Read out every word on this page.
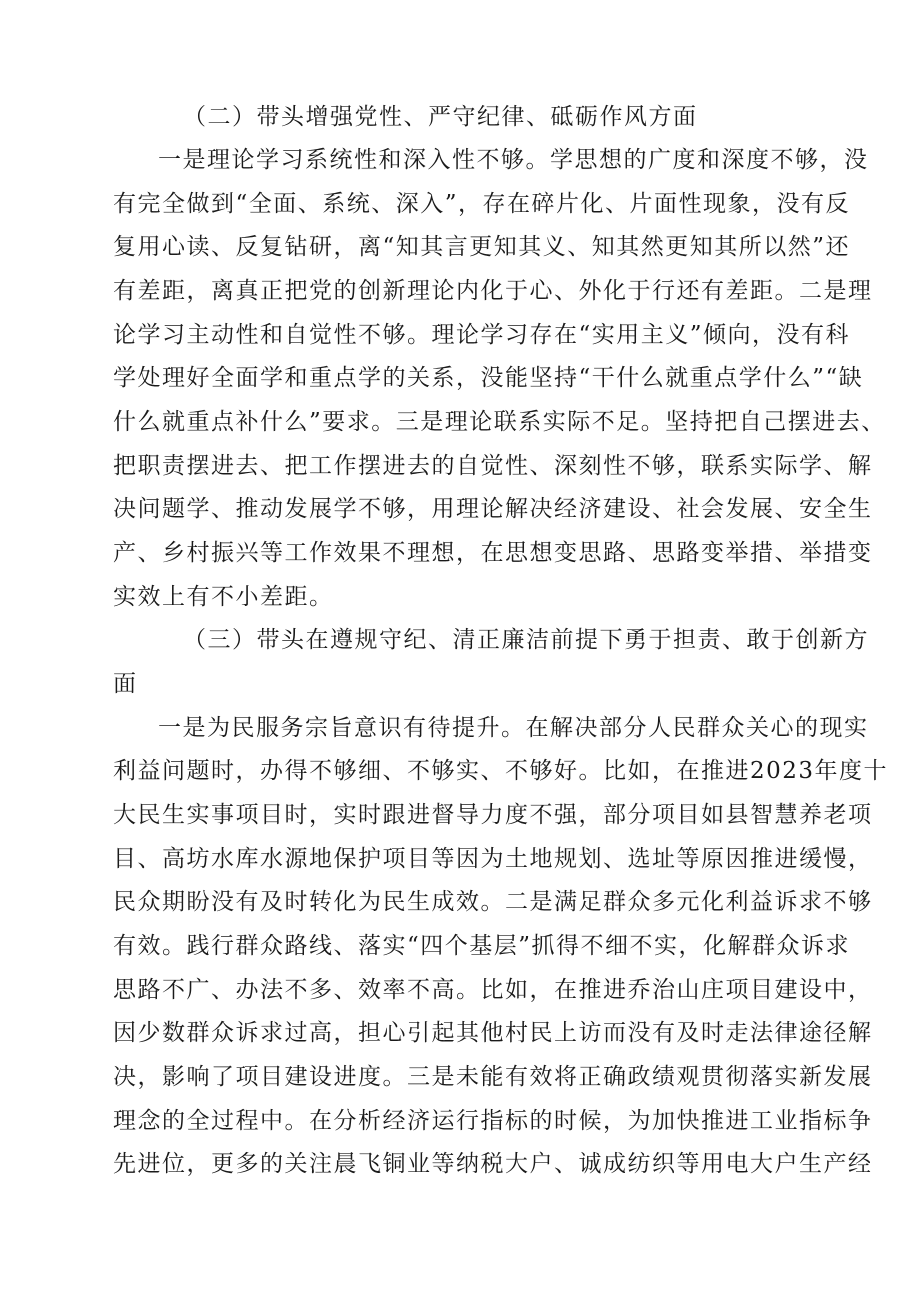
（二）带头增强党性、严守纪律、砥砺作风方面
一是理论学习系统性和深入性不够。学思想的广度和深度不够，没
有完全做到“全面、系统、深入”，存在碎片化、片面性现象，没有反
复用心读、反复钻研，离“知其言更知其义、知其然更知其所以然”还
有差距，离真正把党的创新理论内化于心、外化于行还有差距。二是理
论学习主动性和自觉性不够。理论学习存在“实用主义”倾向，没有科
学处理好全面学和重点学的关系，没能坚持“干什么就重点学什么”“缺
什么就重点补什么”要求。三是理论联系实际不足。坚持把自己摆进去、
把职责摆进去、把工作摆进去的自觉性、深刻性不够，联系实际学、解
决问题学、推动发展学不够，用理论解决经济建设、社会发展、安全生
产、乡村振兴等工作效果不理想，在思想变思路、思路变举措、举措变
实效上有不小差距。
（三）带头在遵规守纪、清正廉洁前提下勇于担责、敢于创新方
面
一是为民服务宗旨意识有待提升。在解决部分人民群众关心的现实
利益问题时，办得不够细、不够实、不够好。比如，在推进2023年度十
大民生实事项目时，实时跟进督导力度不强，部分项目如县智慧养老项
目、高坊水库水源地保护项目等因为土地规划、选址等原因推进缓慢，
民众期盼没有及时转化为民生成效。二是满足群众多元化利益诉求不够
有效。践行群众路线、落实“四个基层”抓得不细不实，化解群众诉求
思路不广、办法不多、效率不高。比如，在推进乔治山庄项目建设中，
因少数群众诉求过高，担心引起其他村民上访而没有及时走法律途径解
决，影响了项目建设进度。三是未能有效将正确政绩观贯彻落实新发展
理念的全过程中。在分析经济运行指标的时候，为加快推进工业指标争
先进位，更多的关注晨飞铜业等纳税大户、诚成纺织等用电大户生产经
